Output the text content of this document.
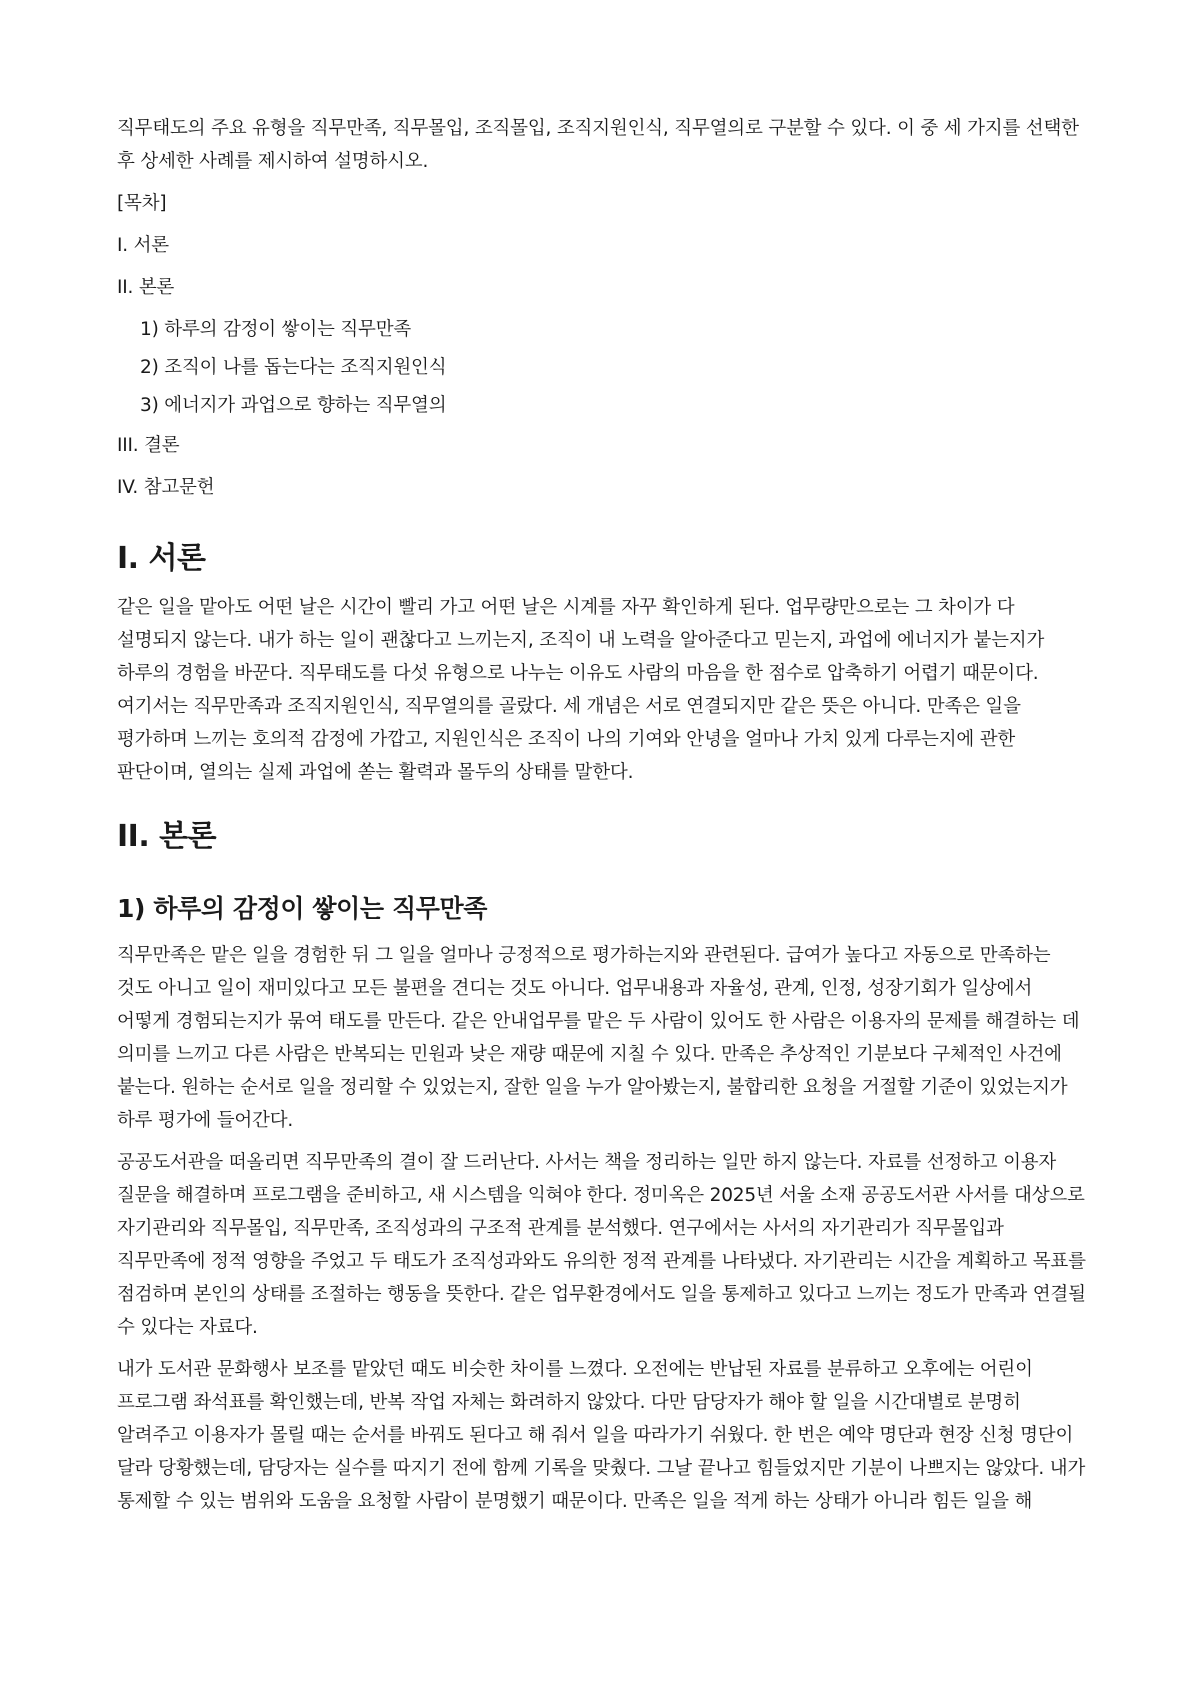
직무태도의 주요 유형을 직무만족, 직무몰입, 조직몰입, 조직지원인식, 직무열의로 구분할 수 있다. 이 중 세 가지를 선택한 후 상세한 사례를 제시하여 설명하시오.

[목차]
I. 서론
II. 본론
1) 하루의 감정이 쌓이는 직무만족
2) 조직이 나를 돕는다는 조직지원인식
3) 에너지가 과업으로 향하는 직무열의
III. 결론
IV. 참고문헌
I. 서론

같은 일을 맡아도 어떤 날은 시간이 빨리 가고 어떤 날은 시계를 자꾸 확인하게 된다. 업무량만으로는 그 차이가 다 설명되지 않는다. 내가 하는 일이 괜찮다고 느끼는지, 조직이 내 노력을 알아준다고 믿는지, 과업에 에너지가 붙는지가 하루의 경험을 바꾼다. 직무태도를 다섯 유형으로 나누는 이유도 사람의 마음을 한 점수로 압축하기 어렵기 때문이다. 여기서는 직무만족과 조직지원인식, 직무열의를 골랐다. 세 개념은 서로 연결되지만 같은 뜻은 아니다. 만족은 일을 평가하며 느끼는 호의적 감정에 가깝고, 지원인식은 조직이 나의 기여와 안녕을 얼마나 가치 있게 다루는지에 관한 판단이며, 열의는 실제 과업에 쏟는 활력과 몰두의 상태를 말한다.

II. 본론
1) 하루의 감정이 쌓이는 직무만족

직무만족은 맡은 일을 경험한 뒤 그 일을 얼마나 긍정적으로 평가하는지와 관련된다. 급여가 높다고 자동으로 만족하는 것도 아니고 일이 재미있다고 모든 불편을 견디는 것도 아니다. 업무내용과 자율성, 관계, 인정, 성장기회가 일상에서 어떻게 경험되는지가 묶여 태도를 만든다. 같은 안내업무를 맡은 두 사람이 있어도 한 사람은 이용자의 문제를 해결하는 데 의미를 느끼고 다른 사람은 반복되는 민원과 낮은 재량 때문에 지칠 수 있다. 만족은 추상적인 기분보다 구체적인 사건에 붙는다. 원하는 순서로 일을 정리할 수 있었는지, 잘한 일을 누가 알아봤는지, 불합리한 요청을 거절할 기준이 있었는지가 하루 평가에 들어간다.

공공도서관을 떠올리면 직무만족의 결이 잘 드러난다. 사서는 책을 정리하는 일만 하지 않는다. 자료를 선정하고 이용자 질문을 해결하며 프로그램을 준비하고, 새 시스템을 익혀야 한다. 정미옥은 2025년 서울 소재 공공도서관 사서를 대상으로 자기관리와 직무몰입, 직무만족, 조직성과의 구조적 관계를 분석했다. 연구에서는 사서의 자기관리가 직무몰입과 직무만족에 정적 영향을 주었고 두 태도가 조직성과와도 유의한 정적 관계를 나타냈다. 자기관리는 시간을 계획하고 목표를 점검하며 본인의 상태를 조절하는 행동을 뜻한다. 같은 업무환경에서도 일을 통제하고 있다고 느끼는 정도가 만족과 연결될 수 있다는 자료다.

내가 도서관 문화행사 보조를 맡았던 때도 비슷한 차이를 느꼈다. 오전에는 반납된 자료를 분류하고 오후에는 어린이 프로그램 좌석표를 확인했는데, 반복 작업 자체는 화려하지 않았다. 다만 담당자가 해야 할 일을 시간대별로 분명히 알려주고 이용자가 몰릴 때는 순서를 바꿔도 된다고 해 줘서 일을 따라가기 쉬웠다. 한 번은 예약 명단과 현장 신청 명단이 달라 당황했는데, 담당자는 실수를 따지기 전에 함께 기록을 맞췄다. 그날 끝나고 힘들었지만 기분이 나쁘지는 않았다. 내가 통제할 수 있는 범위와 도움을 요청할 사람이 분명했기 때문이다. 만족은 일을 적게 하는 상태가 아니라 힘든 일을 해
